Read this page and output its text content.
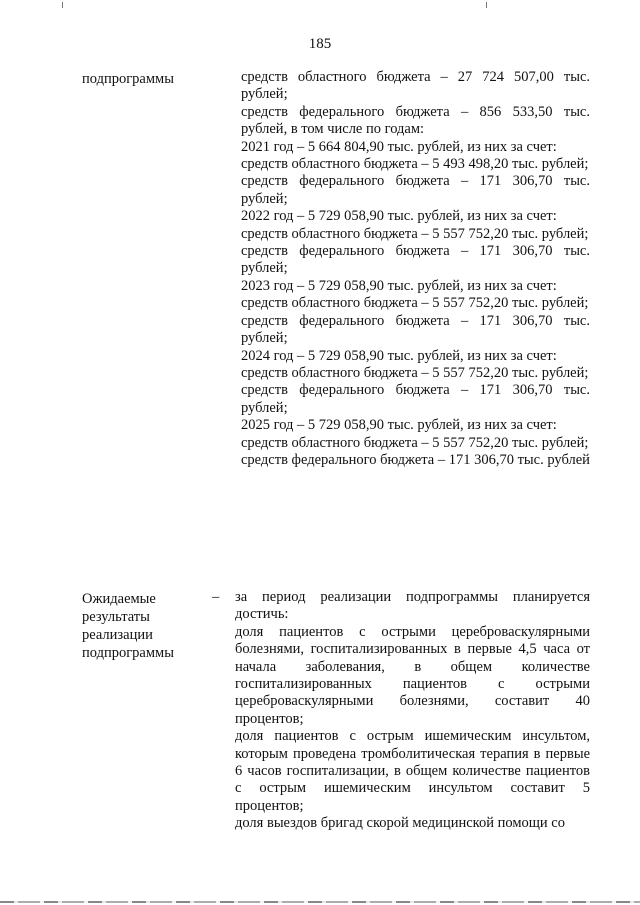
185
подпрограммы	средств областного бюджета – 27 724 507,00 тыс. рублей;

средств федерального бюджета – 856 533,50 тыс. рублей, в том числе по годам:

2021 год – 5 664 804,90 тыс. рублей, из них за счет:

средств областного бюджета – 5 493 498,20 тыс. рублей;

средств федерального бюджета – 171 306,70 тыс. рублей;

2022 год – 5 729 058,90 тыс. рублей, из них за счет:

средств областного бюджета – 5 557 752,20 тыс. рублей;

средств федерального бюджета – 171 306,70 тыс. рублей;

2023 год – 5 729 058,90 тыс. рублей, из них за счет:

средств областного бюджета – 5 557 752,20 тыс. рублей;

средств федерального бюджета – 171 306,70 тыс. рублей;

2024 год – 5 729 058,90 тыс. рублей, из них за счет:

средств областного бюджета – 5 557 752,20 тыс. рублей;

средств федерального бюджета – 171 306,70 тыс. рублей;

2025 год – 5 729 058,90 тыс. рублей, из них за счет:

средств областного бюджета – 5 557 752,20 тыс. рублей;

средств федерального бюджета – 171 306,70 тыс. рублей

Ожидаемые
результаты
реализации
подпрограммы
– за период реализации подпрограммы планируется достичь:

доля пациентов с острыми цереброваскулярными болезнями, госпитализированных в первые 4,5 часа от начала заболевания, в общем количестве госпитализированных пациентов с острыми цереброваскулярными болезнями, составит 40 процентов;

доля пациентов с острым ишемическим инсультом, которым проведена тромболитическая терапия в первые 6 часов госпитализации, в общем количестве пациентов с острым ишемическим инсультом составит 5 процентов;

доля выездов бригад скорой медицинской помощи со
